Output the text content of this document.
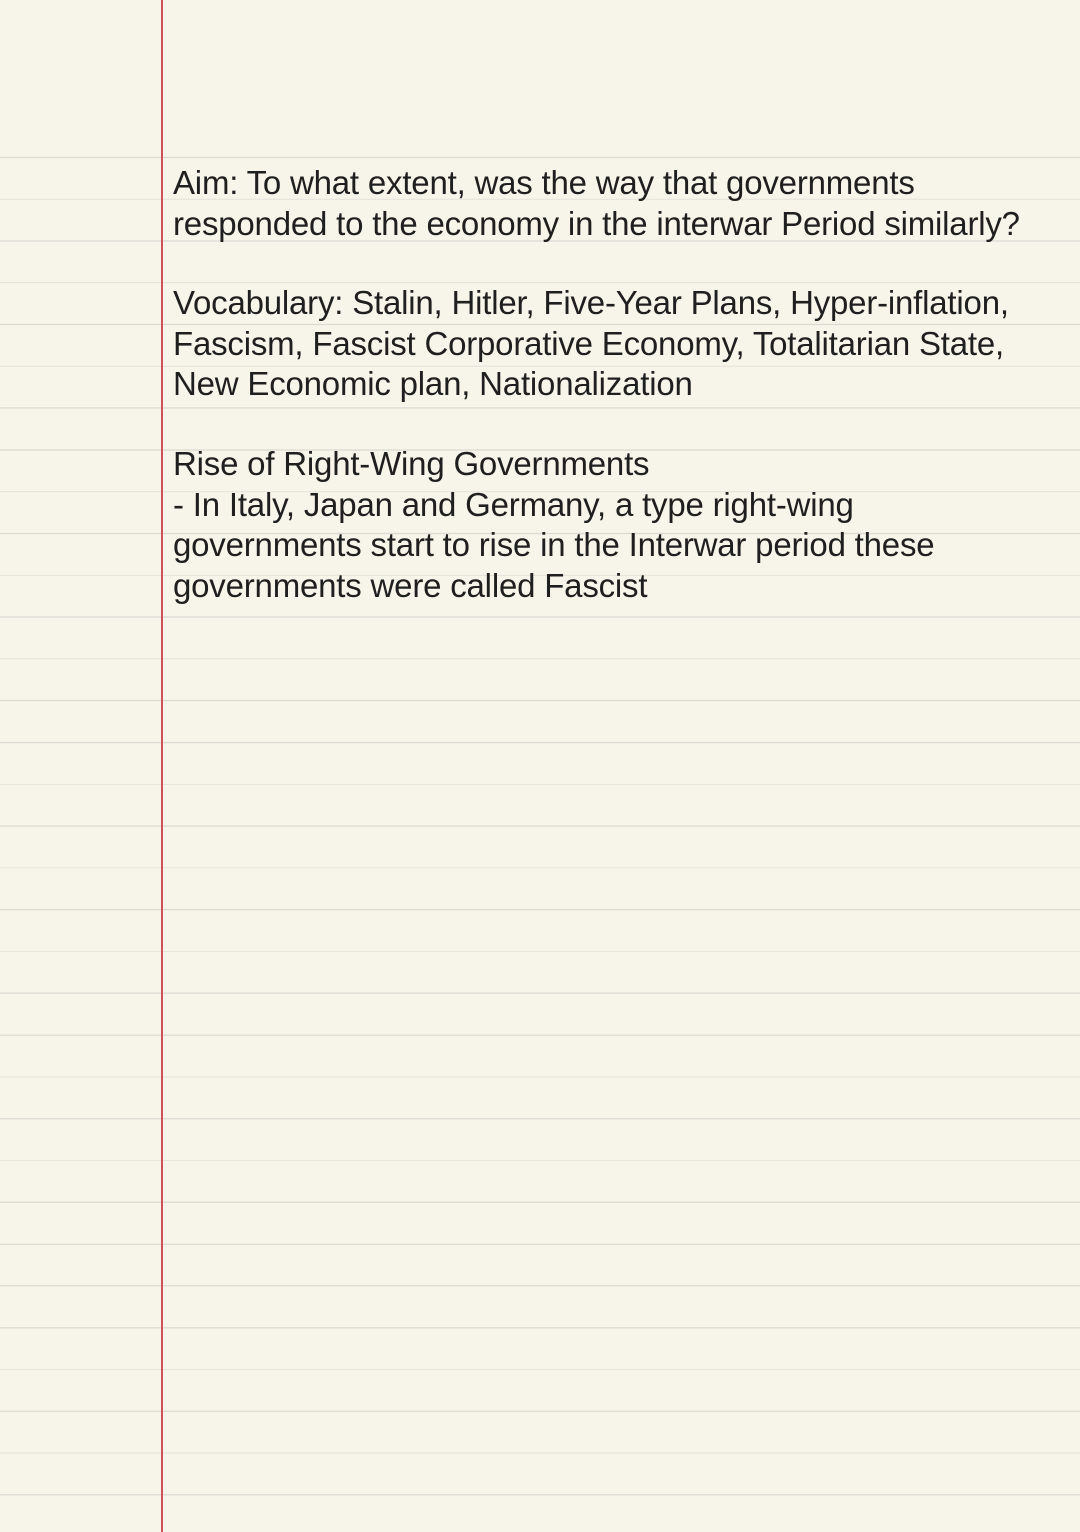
Aim: To what extent, was the way that governments
responded to the economy in the interwar Period similarly?
Vocabulary: Stalin, Hitler, Five-Year Plans, Hyper-inflation,
Fascism, Fascist Corporative Economy, Totalitarian State,
New Economic plan, Nationalization
Rise of Right-Wing Governments
- In Italy, Japan and Germany, a type right-wing
governments start to rise in the Interwar period these
governments were called Fascist
